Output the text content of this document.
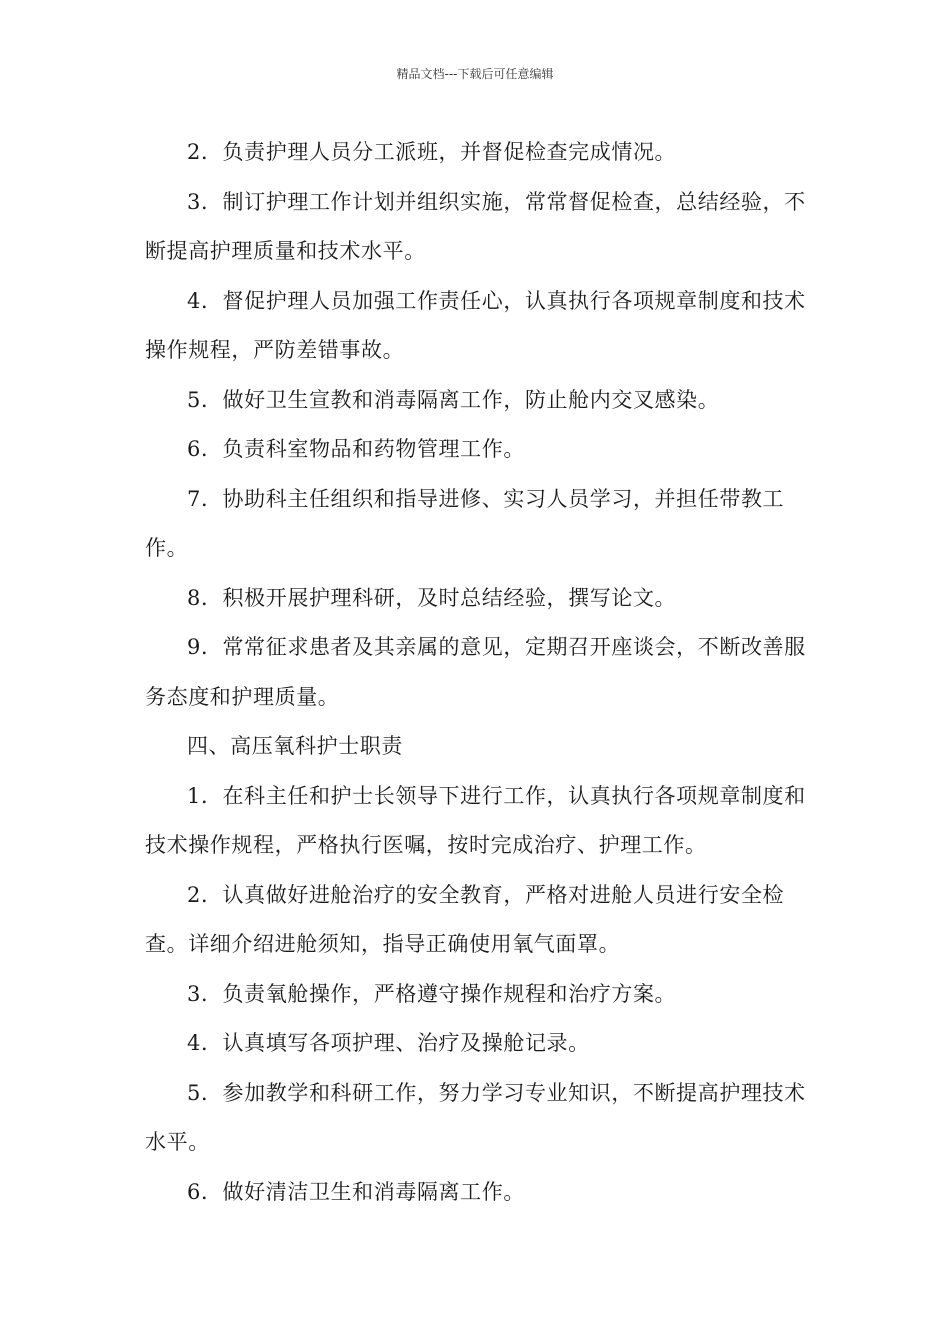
精品文档---下载后可任意编辑

2．负责护理人员分工派班，并督促检查完成情况。

3．制订护理工作计划并组织实施，常常督促检查，总结经验，不断提高护理质量和技术水平。

4．督促护理人员加强工作责任心，认真执行各项规章制度和技术操作规程，严防差错事故。

5．做好卫生宣教和消毒隔离工作，防止舱内交叉感染。

6．负责科室物品和药物管理工作。

7．协助科主任组织和指导进修、实习人员学习，并担任带教工作。

8．积极开展护理科研，及时总结经验，撰写论文。

9．常常征求患者及其亲属的意见，定期召开座谈会，不断改善服务态度和护理质量。

四、高压氧科护士职责

1．在科主任和护士长领导下进行工作，认真执行各项规章制度和技术操作规程，严格执行医嘱，按时完成治疗、护理工作。

2．认真做好进舱治疗的安全教育，严格对进舱人员进行安全检查。详细介绍进舱须知，指导正确使用氧气面罩。

3．负责氧舱操作，严格遵守操作规程和治疗方案。

4．认真填写各项护理、治疗及操舱记录。

5．参加教学和科研工作，努力学习专业知识，不断提高护理技术水平。

6．做好清洁卫生和消毒隔离工作。
